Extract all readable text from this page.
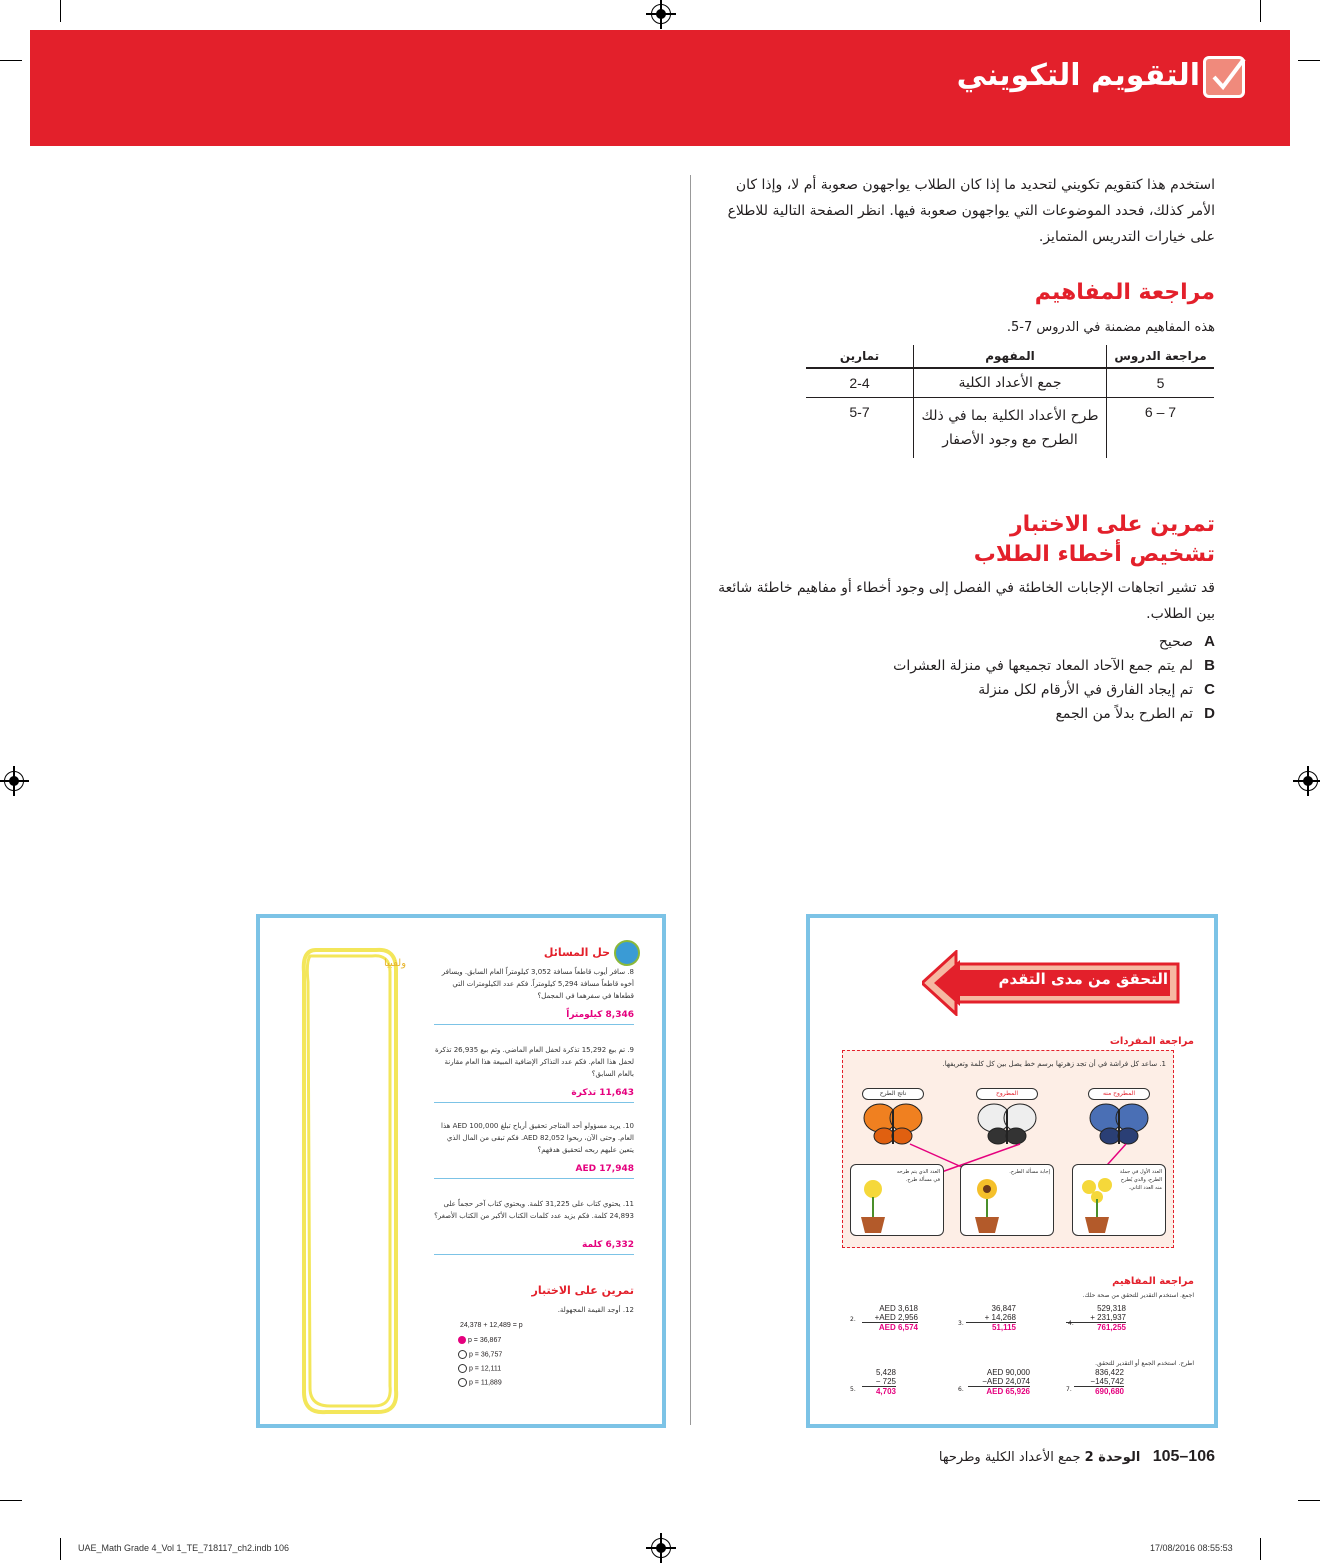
التقويم التكويني
استخدم هذا كتقويم تكويني لتحديد ما إذا كان الطلاب يواجهون صعوبة أم لا، وإذا كان الأمر كذلك، فحدد الموضوعات التي يواجهون صعوبة فيها. انظر الصفحة التالية للاطلاع على خيارات التدريس المتمايز.
مراجعة المفاهيم
هذه المفاهيم مضمنة في الدروس 7-5.
مراجعة الدروس	المفهوم	تمارين
5	جمع الأعداد الكلية	2-4
7 – 6	طرح الأعداد الكلية بما في ذلك الطرح مع وجود الأصفار	5-7
تمرين على الاختبار
تشخيص أخطاء الطلاب
قد تشير اتجاهات الإجابات الخاطئة في الفصل إلى وجود أخطاء أو مفاهيم خاطئة شائعة بين الطلاب.
Aصحيح
Bلم يتم جمع الآحاد المعاد تجميعها في منزلة العشرات
Cتم إيجاد الفارق في الأرقام لكل منزلة
Dتم الطرح بدلاً من الجمع
ولفبيا
حل المسائل
8. سافر أيوب قاطعاً مسافة 3,052 كيلومتراً العام السابق. ويسافر أخوه قاطعاً مسافة 5,294 كيلومتراً. فكم عدد الكيلومترات التي قطعاها في سفرهما في المجمل؟
8,346 كيلومتراً
9. تم بيع 15,292 تذكرة لحفل العام الماضي. وتم بيع 26,935 تذكرة لحفل هذا العام. فكم عدد التذاكر الإضافية المبيعة هذا العام مقارنة بالعام السابق؟
11,643 تذكرة
10. يريد مسؤولو أحد المتاجر تحقيق أرباح تبلغ AED 100,000 هذا العام. وحتى الآن، ربحوا AED 82,052. فكم تبقى من المال الذي يتعين عليهم ربحه لتحقيق هدفهم؟
AED 17,948
11. يحتوي كتاب على 31,225 كلمة. ويحتوي كتاب آخر حجماً على 24,893 كلمة. فكم يزيد عدد كلمات الكتاب الأكبر من الكتاب الأصغر؟
6,332 كلمة
تمرين على الاختبار
12. أوجد القيمة المجهولة.
24,378 + 12,489 = p
p = 36,867
p = 36,757
p = 12,111
p = 11,889
التحقق من مدى التقدم
مراجعة المفردات
1. ساعد كل فراشة في أن تجد زهرتها برسم خط يصل بين كل كلمة وتعريفها.
ناتج الطرح	المطروح	المطروح منه
العدد الذي يتم طرحه في مسألة طرح.
إجابة مسألة الطرح.	العدد الأول في جملة الطرح، والذي يُطرح منه العدد الثاني.
مراجعة المفاهيم
اجمع. استخدم التقدير للتحقق من صحة حلك.
529,318
+ 231,937
761,255
4.
36,847
+ 14,268
51,115
3.
AED 3,618
+AED 2,956
AED 6,574
2.
اطرح. استخدم الجمع أو التقدير للتحقق.
836,422
−145,742
690,680
7.
AED 90,000
−AED 24,074
AED 65,926
6.
5,428
− 725
4,703
5.
105–106   الوحدة 2 جمع الأعداد الكلية وطرحها
UAE_Math Grade 4_Vol 1_TE_718117_ch2.indb 106	17/08/2016 08:55:53
